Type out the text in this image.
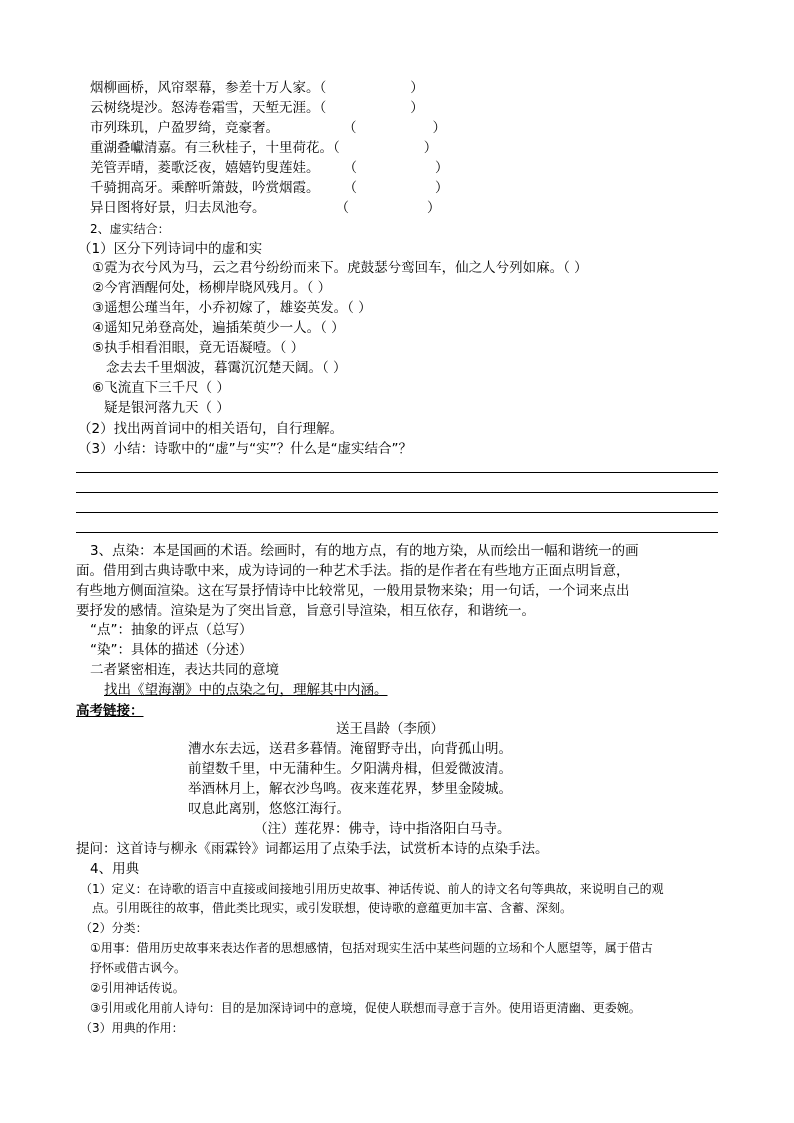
烟柳画桥，风帘翠幕，参差十万人家。（	）
云树绕堤沙。怒涛卷霜雪，天堑无涯。（	）
市列珠玑，户盈罗绮，竞豪奢。	（	）
重湖叠巘清嘉。有三秋桂子，十里荷花。（	）
羌管弄晴，菱歌泛夜，嬉嬉钓叟莲娃。 （	）
千骑拥高牙。乘醉听箫鼓，吟赏烟霞。 （	）
异日图将好景，归去凤池夸。	（	）
2、虚实结合：
（1）区分下列诗词中的虚和实
①霓为衣兮风为马，云之君兮纷纷而来下。虎鼓瑟兮鸾回车，仙之人兮列如麻。（ ）
②今宵酒醒何处，杨柳岸晓风残月。（ ）
③遥想公瑾当年，小乔初嫁了，雄姿英发。（ ）
④遥知兄弟登高处，遍插茱萸少一人。（ ）
⑤执手相看泪眼，竟无语凝噎。（ ）
念去去千里烟波，暮霭沉沉楚天阔。（ ）
⑥飞流直下三千尺（ ）
疑是银河落九天（ ）
（2）找出两首词中的相关语句，自行理解。
（3）小结：诗歌中的“虚”与“实”？什么是“虚实结合”？
3、点染：本是国画的术语。绘画时，有的地方点，有的地方染，从而绘出一幅和谐统一的画
面。借用到古典诗歌中来，成为诗词的一种艺术手法。指的是作者在有些地方正面点明旨意，
有些地方侧面渲染。这在写景抒情诗中比较常见，一般用景物来染；用一句话，一个词来点出
要抒发的感情。渲染是为了突出旨意，旨意引导渲染，相互依存，和谐统一。
“点”：抽象的评点（总写）
“染”：具体的描述（分述）
二者紧密相连，表达共同的意境
找出《望海潮》中的点染之句，理解其中内涵。
高考链接：
送王昌龄（李颀）
漕水东去远，送君多暮情。淹留野寺出，向背孤山明。
前望数千里，中无蒲种生。夕阳满舟楫，但爱微波清。
举酒林月上，解衣沙鸟鸣。夜来莲花界，梦里金陵城。
叹息此离别，悠悠江海行。
（注）莲花界：佛寺，诗中指洛阳白马寺。
提问：这首诗与柳永《雨霖铃》词都运用了点染手法，试赏析本诗的点染手法。
4、用典
（1）定义：在诗歌的语言中直接或间接地引用历史故事、神话传说、前人的诗文名句等典故，来说明自己的观
点。引用既往的故事，借此类比现实，或引发联想，使诗歌的意蕴更加丰富、含蓄、深刻。
（2）分类：
①用事：借用历史故事来表达作者的思想感情，包括对现实生活中某些问题的立场和个人愿望等，属于借古
抒怀或借古讽今。
②引用神话传说。
③引用或化用前人诗句：目的是加深诗词中的意境，促使人联想而寻意于言外。使用语更清幽、更委婉。
（3）用典的作用：
